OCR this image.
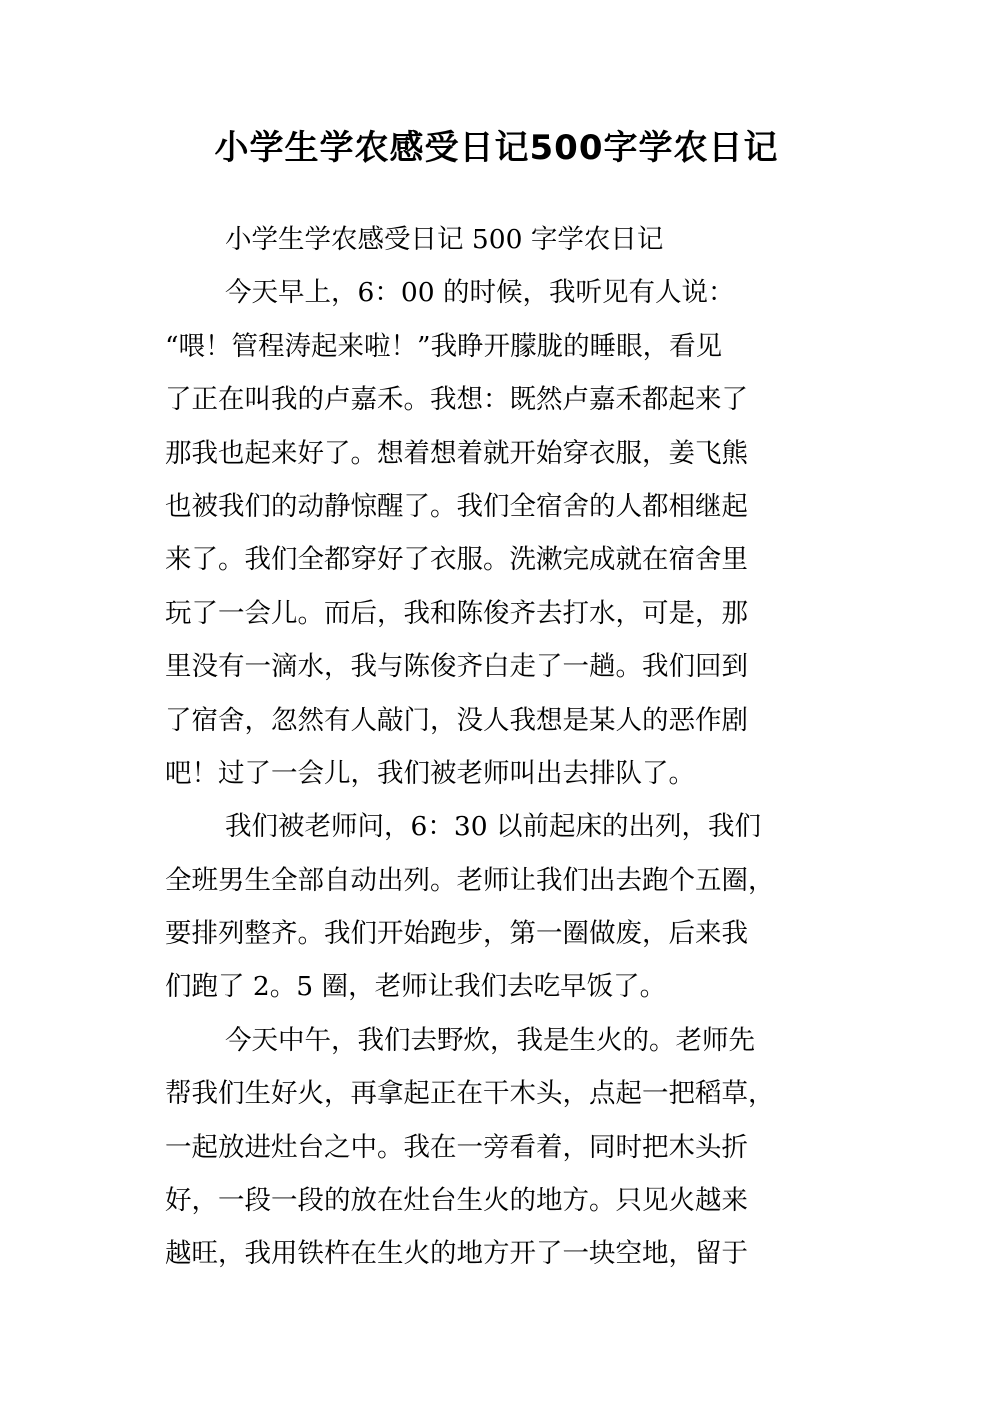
小学生学农感受日记500字学农日记
小学生学农感受日记 500 字学农日记
今天早上，6：00 的时候，我听见有人说：
“喂！管程涛起来啦！”我睁开朦胧的睡眼，看见
了正在叫我的卢嘉禾。我想：既然卢嘉禾都起来了
那我也起来好了。想着想着就开始穿衣服，姜飞熊
也被我们的动静惊醒了。我们全宿舍的人都相继起
来了。我们全都穿好了衣服。洗漱完成就在宿舍里
玩了一会儿。而后，我和陈俊齐去打水，可是，那
里没有一滴水，我与陈俊齐白走了一趟。我们回到
了宿舍，忽然有人敲门，没人我想是某人的恶作剧
吧！过了一会儿，我们被老师叫出去排队了。
我们被老师问，6：30 以前起床的出列，我们
全班男生全部自动出列。老师让我们出去跑个五圈，
要排列整齐。我们开始跑步，第一圈做废，后来我
们跑了 2。5 圈，老师让我们去吃早饭了。
今天中午，我们去野炊，我是生火的。老师先
帮我们生好火，再拿起正在干木头，点起一把稻草，
一起放进灶台之中。我在一旁看着，同时把木头折
好，一段一段的放在灶台生火的地方。只见火越来
越旺，我用铁杵在生火的地方开了一块空地，留于
